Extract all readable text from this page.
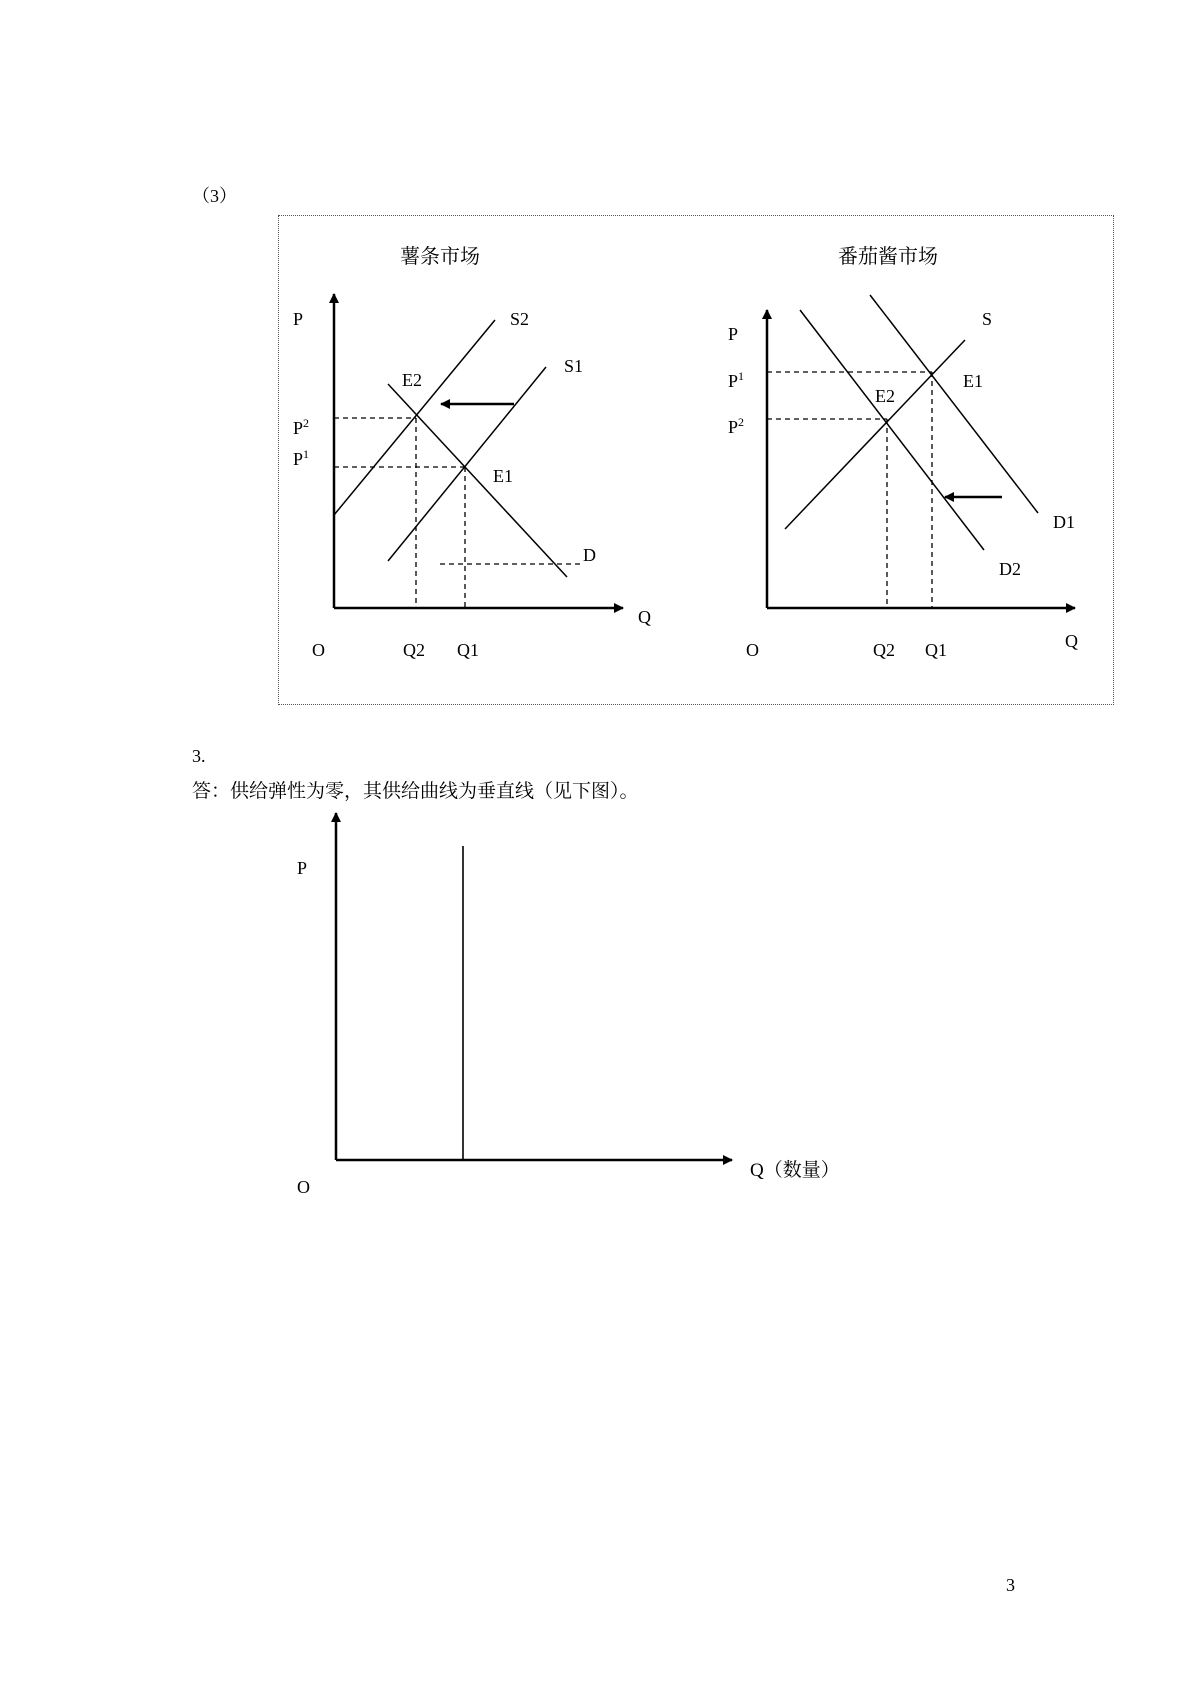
（3）
薯条市场
P
Q
O
S2
S1
D
E2
E1
$P^2$
$P^1$
Q2 Q1
番茄酱市场
P
Q
O
S
D1
D2
E1
E2
$P^1$
$P^2$
Q2 Q1
3.
答：供给弹性为零，其供给曲线为垂直线（见下图）。
P
Q（数量）
O
3
